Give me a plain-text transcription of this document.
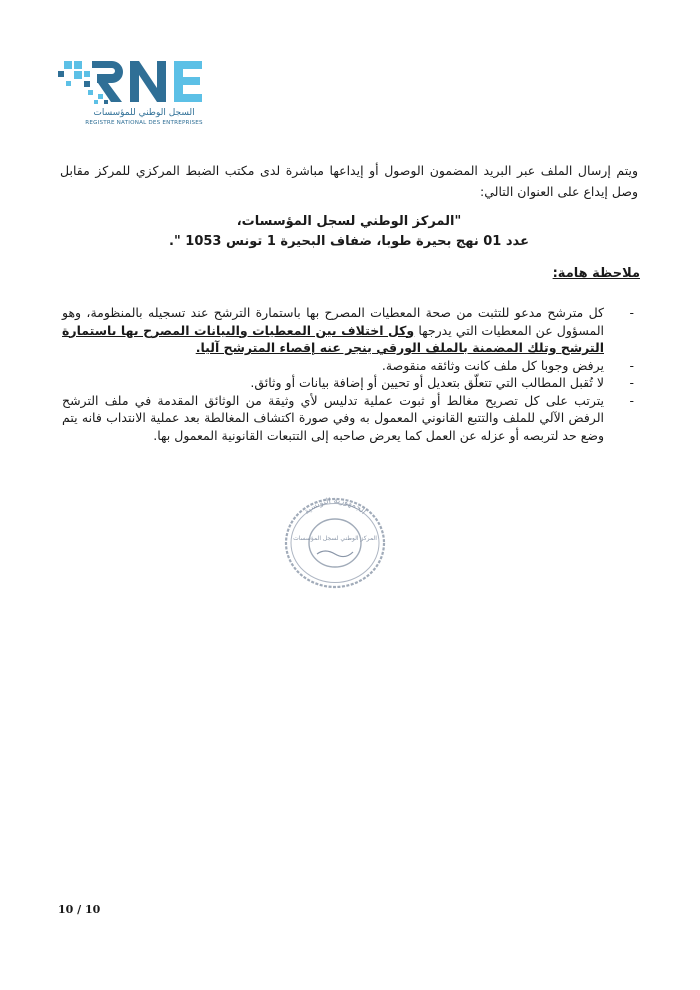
السجل الوطني للمؤسسات
REGISTRE NATIONAL DES ENTREPRISES
ويتم إرسال الملف عبر البريد المضمون الوصول أو إيداعها مباشرة لدى مكتب الضبط المركزي للمركز مقابل وصل إيداع على العنوان التالي:
"المركز الوطني لسجل المؤسسات،
عدد 01 نهج بحيرة طوبا، ضفاف البحيرة 1 تونس 1053 ".
ملاحظة هامة:
-
كل مترشح مدعو للتثبت من صحة المعطيات المصرح بها باستمارة الترشح عند تسجيله بالمنظومة، وهو المسؤول عن المعطيات التي يدرجها وكل اختلاف بين المعطيات والبيانات المصرح بها باستمارة الترشح وتلك المضمنة بالملف الورقي ينجر عنه إقصاء المترشح آليا.
-
يرفض وجوبا كل ملف كانت وثائقه منقوصة.
-
لا تُقبل المطالب التي تتعلّق بتعديل أو تحيين أو إضافة بيانات أو وثائق.
-
يترتب على كل تصريح مغالط أو ثبوت عملية تدليس لأي وثيقة من الوثائق المقدمة في ملف الترشح الرفض الآلي للملف والتتبع القانوني المعمول به وفي صورة اكتشاف المغالطة بعد عملية الانتداب فانه يتم وضع حد لتربصه أو عزله عن العمل كما يعرض صاحبه إلى التتبعات القانونية المعمول بها.
الجمهورية التونسية
المركز الوطني لسجل المؤسسات
10 / 10
